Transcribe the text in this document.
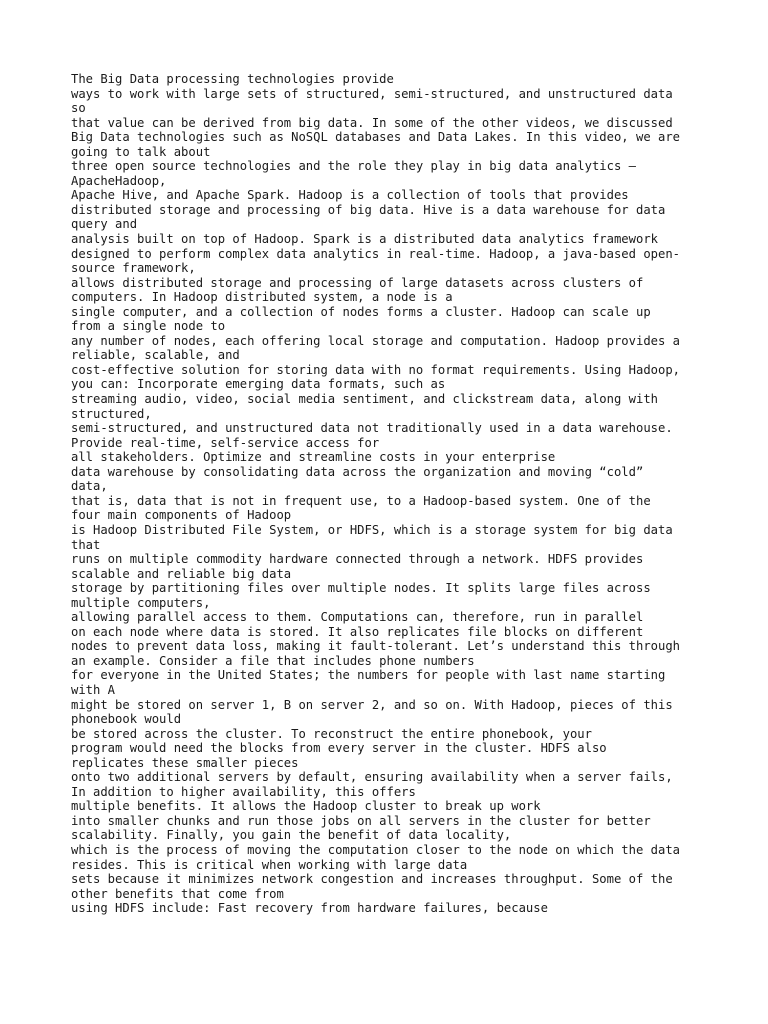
The Big Data processing technologies provide
ways to work with large sets of structured, semi-structured, and unstructured data
so
that value can be derived from big data. In some of the other videos, we discussed
Big Data technologies such as NoSQL databases and Data Lakes. In this video, we are
going to talk about
three open source technologies and the role they play in big data analytics —
ApacheHadoop,
Apache Hive, and Apache Spark. Hadoop is a collection of tools that provides
distributed storage and processing of big data. Hive is a data warehouse for data
query and
analysis built on top of Hadoop. Spark is a distributed data analytics framework
designed to perform complex data analytics in real-time. Hadoop, a java-based open-
source framework,
allows distributed storage and processing of large datasets across clusters of
computers. In Hadoop distributed system, a node is a
single computer, and a collection of nodes forms a cluster. Hadoop can scale up
from a single node to
any number of nodes, each offering local storage and computation. Hadoop provides a
reliable, scalable, and
cost-effective solution for storing data with no format requirements. Using Hadoop,
you can: Incorporate emerging data formats, such as
streaming audio, video, social media sentiment, and clickstream data, along with
structured,
semi-structured, and unstructured data not traditionally used in a data warehouse.
Provide real-time, self-service access for
all stakeholders. Optimize and streamline costs in your enterprise
data warehouse by consolidating data across the organization and moving “cold”
data,
that is, data that is not in frequent use, to a Hadoop-based system. One of the
four main components of Hadoop
is Hadoop Distributed File System, or HDFS, which is a storage system for big data
that
runs on multiple commodity hardware connected through a network. HDFS provides
scalable and reliable big data
storage by partitioning files over multiple nodes. It splits large files across
multiple computers,
allowing parallel access to them. Computations can, therefore, run in parallel
on each node where data is stored. It also replicates file blocks on different
nodes to prevent data loss, making it fault-tolerant. Let’s understand this through
an example. Consider a file that includes phone numbers
for everyone in the United States; the numbers for people with last name starting
with A
might be stored on server 1, B on server 2, and so on. With Hadoop, pieces of this
phonebook would
be stored across the cluster. To reconstruct the entire phonebook, your
program would need the blocks from every server in the cluster. HDFS also
replicates these smaller pieces
onto two additional servers by default, ensuring availability when a server fails,
In addition to higher availability, this offers
multiple benefits. It allows the Hadoop cluster to break up work
into smaller chunks and run those jobs on all servers in the cluster for better
scalability. Finally, you gain the benefit of data locality,
which is the process of moving the computation closer to the node on which the data
resides. This is critical when working with large data
sets because it minimizes network congestion and increases throughput. Some of the
other benefits that come from
using HDFS include: Fast recovery from hardware failures, because
